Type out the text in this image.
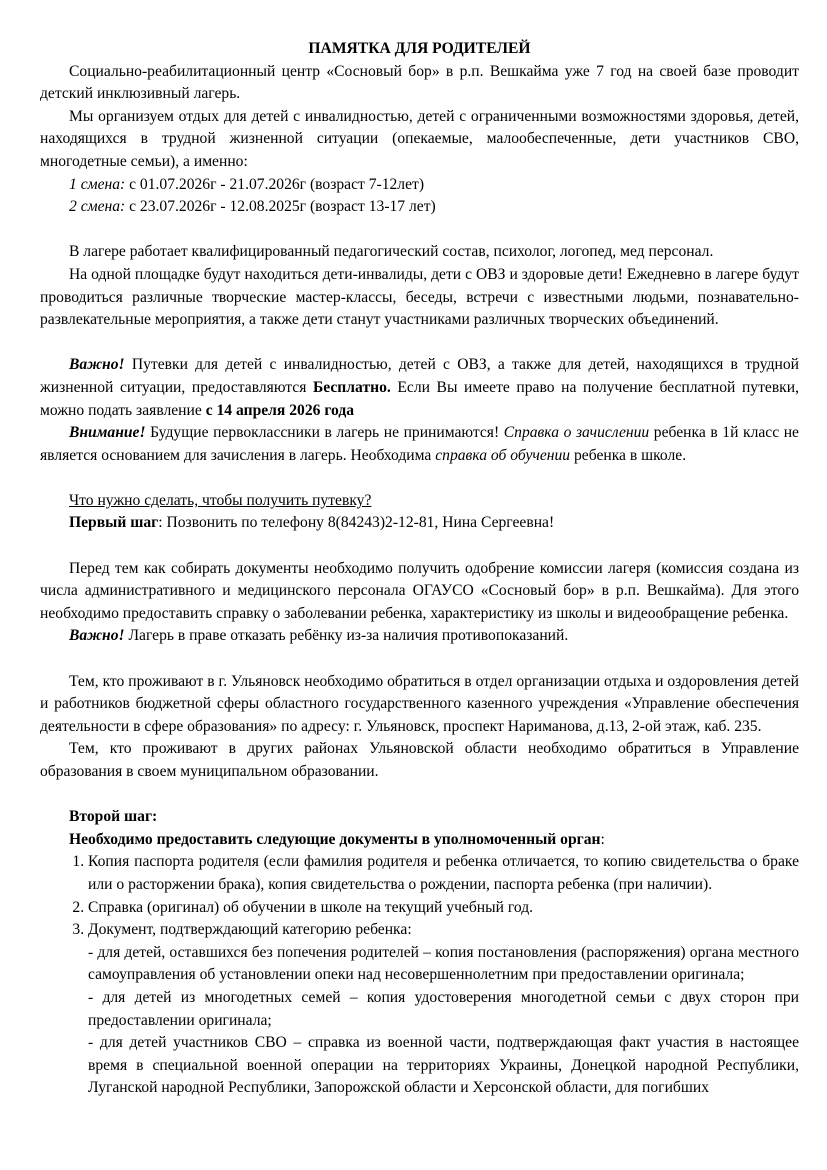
ПАМЯТКА ДЛЯ РОДИТЕЛЕЙ

Социально-реабилитационный центр «Сосновый бор» в р.п. Вешкайма уже 7 год на своей базе проводит детский инклюзивный лагерь.

Мы организуем отдых для детей с инвалидностью, детей с ограниченными возможностями здоровья, детей, находящихся в трудной жизненной ситуации (опекаемые, малообеспеченные, дети участников СВО, многодетные семьи), а именно:

1 смена: с 01.07.2026г - 21.07.2026г (возраст 7-12лет)

2 смена: с 23.07.2026г - 12.08.2025г (возраст 13-17 лет)

В лагере работает квалифицированный педагогический состав, психолог, логопед, мед персонал.

На одной площадке будут находиться дети-инвалиды, дети с ОВЗ и здоровые дети! Ежедневно в лагере будут проводиться различные творческие мастер-классы, беседы, встречи с известными людьми, познавательно-развлекательные мероприятия, а также дети станут участниками различных творческих объединений.

Важно! Путевки для детей с инвалидностью, детей с ОВЗ, а также для детей, находящихся в трудной жизненной ситуации, предоставляются Бесплатно. Если Вы имеете право на получение бесплатной путевки, можно подать заявление с 14 апреля 2026 года

Внимание! Будущие первоклассники в лагерь не принимаются! Справка о зачислении ребенка в 1й класс не является основанием для зачисления в лагерь. Необходима справка об обучении ребенка в школе.

Что нужно сделать, чтобы получить путевку?

Первый шаг: Позвонить по телефону 8(84243)2-12-81, Нина Сергеевна!

Перед тем как собирать документы необходимо получить одобрение комиссии лагеря (комиссия создана из числа административного и медицинского персонала ОГАУСО «Сосновый бор» в р.п. Вешкайма). Для этого необходимо предоставить справку о заболевании ребенка, характеристику из школы и видеообращение ребенка.

Важно! Лагерь в праве отказать ребёнку из-за наличия противопоказаний.

Тем, кто проживают в г. Ульяновск необходимо обратиться в отдел организации отдыха и оздоровления детей и работников бюджетной сферы областного государственного казенного учреждения «Управление обеспечения деятельности в сфере образования» по адресу: г. Ульяновск, проспект Нариманова, д.13, 2-ой этаж, каб. 235.

Тем, кто проживают в других районах Ульяновской области необходимо обратиться в Управление образования в своем муниципальном образовании.

Второй шаг:

Необходимо предоставить следующие документы в уполномоченный орган:

1. Копия паспорта родителя (если фамилия родителя и ребенка отличается, то копию свидетельства о браке или о расторжении брака), копия свидетельства о рождении, паспорта ребенка (при наличии).
2. Справка (оригинал) об обучении в школе на текущий учебный год.
3. Документ, подтверждающий категорию ребенка:

- для детей, оставшихся без попечения родителей – копия постановления (распоряжения) органа местного самоуправления об установлении опеки над несовершеннолетним при предоставлении оригинала;

- для детей из многодетных семей – копия удостоверения многодетной семьи с двух сторон при предоставлении оригинала;

- для детей участников СВО – справка из военной части, подтверждающая факт участия в настоящее время в специальной военной операции на территориях Украины, Донецкой народной Республики, Луганской народной Республики, Запорожской области и Херсонской области, для погибших
